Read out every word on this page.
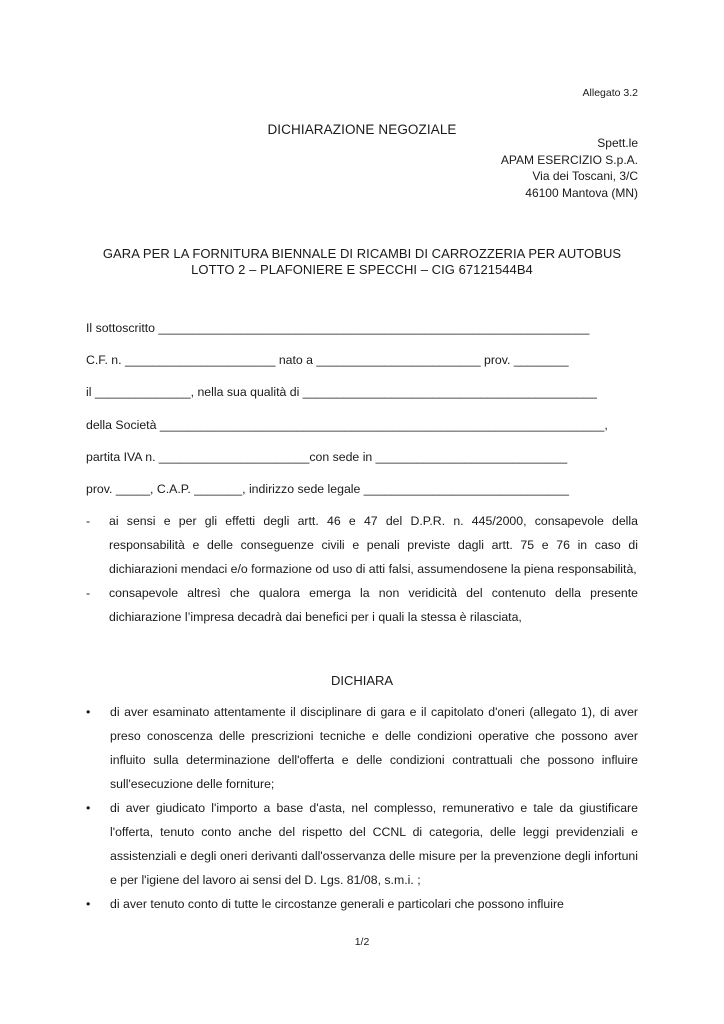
Allegato 3.2
DICHIARAZIONE NEGOZIALE
Spett.le
APAM ESERCIZIO S.p.A.
Via dei Toscani, 3/C
46100 Mantova (MN)
GARA PER LA FORNITURA BIENNALE DI RICAMBI DI CARROZZERIA PER AUTOBUS
LOTTO 2 – PLAFONIERE E SPECCHI – CIG 67121544B4
Il sottoscritto _______________________________________________________________
C.F. n. ______________________ nato a ________________________ prov. ________
il ______________, nella sua qualità di ___________________________________________
della Società _________________________________________________________________,
partita IVA n. ______________________con sede in ____________________________
prov. _____, C.A.P. _______, indirizzo sede legale ______________________________
- ai sensi e per gli effetti degli artt. 46 e 47 del D.P.R. n. 445/2000, consapevole della responsabilità e delle conseguenze civili e penali previste dagli artt. 75 e 76 in caso di dichiarazioni mendaci e/o formazione od uso di atti falsi, assumendosene la piena responsabilità,
- consapevole altresì che qualora emerga la non veridicità del contenuto della presente dichiarazione l’impresa decadrà dai benefici per i quali la stessa è rilasciata,
DICHIARA
• di aver esaminato attentamente il disciplinare di gara e il capitolato d'oneri (allegato 1), di aver preso conoscenza delle prescrizioni tecniche e delle condizioni operative che possono aver influito sulla determinazione dell'offerta e delle condizioni contrattuali che possono influire sull'esecuzione delle forniture;
• di aver giudicato l'importo a base d'asta, nel complesso, remunerativo e tale da giustificare l'offerta, tenuto conto anche del rispetto del CCNL di categoria, delle leggi previdenziali e assistenziali e degli oneri derivanti dall'osservanza delle misure per la prevenzione degli infortuni e per l'igiene del lavoro ai sensi del D. Lgs. 81/08, s.m.i. ;
• di aver tenuto conto di tutte le circostanze generali e particolari che possono influire
1/2
